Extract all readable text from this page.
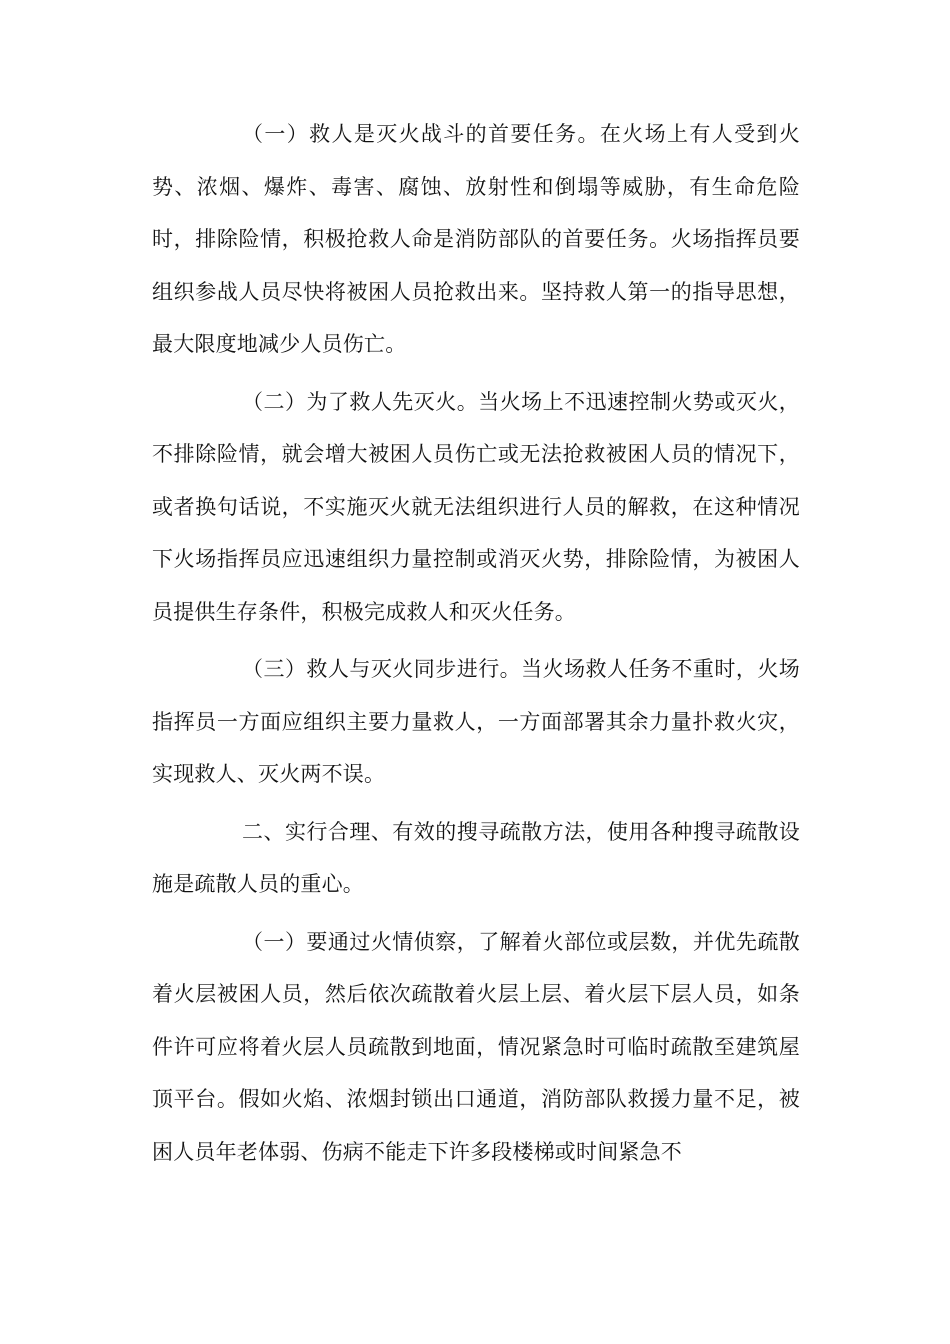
（一）救人是灭火战斗的首要任务。在火场上有人受到火势、浓烟、爆炸、毒害、腐蚀、放射性和倒塌等威胁，有生命危险时，排除险情，积极抢救人命是消防部队的首要任务。火场指挥员要组织参战人员尽快将被困人员抢救出来。坚持救人第一的指导思想，最大限度地减少人员伤亡。

（二）为了救人先灭火。当火场上不迅速控制火势或灭火，不排除险情，就会增大被困人员伤亡或无法抢救被困人员的情况下，或者换句话说，不实施灭火就无法组织进行人员的解救，在这种情况下火场指挥员应迅速组织力量控制或消灭火势，排除险情，为被困人员提供生存条件，积极完成救人和灭火任务。

（三）救人与灭火同步进行。当火场救人任务不重时，火场指挥员一方面应组织主要力量救人，一方面部署其余力量扑救火灾，实现救人、灭火两不误。

二、实行合理、有效的搜寻疏散方法，使用各种搜寻疏散设施是疏散人员的重心。

（一）要通过火情侦察，了解着火部位或层数，并优先疏散着火层被困人员，然后依次疏散着火层上层、着火层下层人员，如条件许可应将着火层人员疏散到地面，情况紧急时可临时疏散至建筑屋顶平台。假如火焰、浓烟封锁出口通道，消防部队救援力量不足，被困人员年老体弱、伤病不能走下许多段楼梯或时间紧急不
